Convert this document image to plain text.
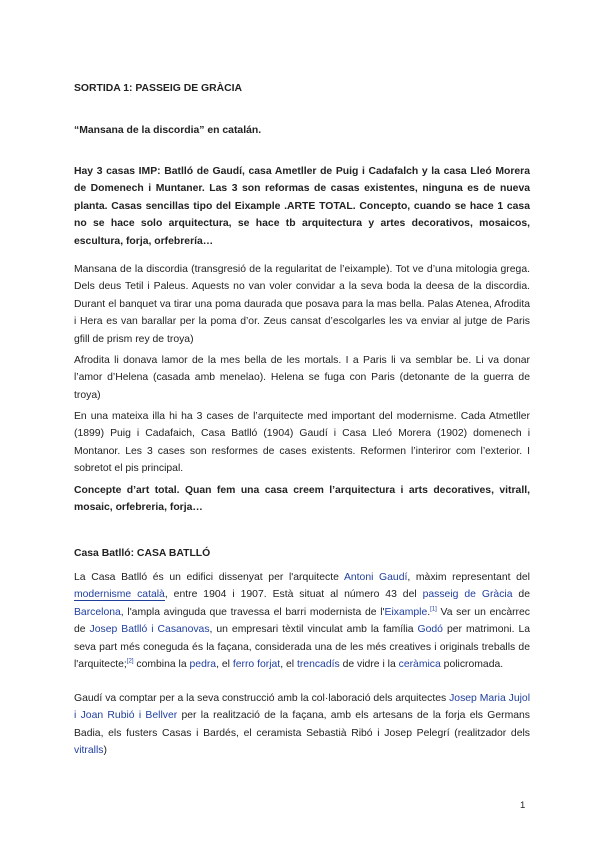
SORTIDA 1: PASSEIG DE GRÀCIA
“Mansana de la discordia” en catalán.
Hay 3 casas IMP: Batlló de Gaudí, casa Ametller de Puig i Cadafalch y la casa Lleó Morera de Domenech i Muntaner. Las 3 son reformas de casas existentes, ninguna es de nueva planta. Casas sencillas tipo del Eixample .ARTE TOTAL. Concepto, cuando se hace 1 casa no se hace solo arquitectura, se hace tb arquitectura y artes decorativos, mosaicos, escultura, forja, orfebrería…
Mansana de la discordia (transgresió de la regularitat de l’eixample). Tot ve d’una mitologia grega. Dels deus Tetil i Paleus. Aquests no van voler convidar a la seva boda la deesa de la discordia. Durant el banquet va tirar una poma daurada que posava para la mas bella. Palas Atenea, Afrodita i Hera es van barallar per la poma d’or. Zeus cansat d’escolgarles les va enviar al jutge de Paris gfill de prism rey de troya)
Afrodita li donava lamor de la mes bella de les mortals. I a Paris li va semblar be. Li va donar l’amor d’Helena (casada amb menelao). Helena se fuga con Paris (detonante de la guerra de troya)
En una mateixa illa hi ha 3 cases de l’arquitecte med important del modernisme. Cada Atmetller (1899) Puig i Cadafaich, Casa Batlló (1904) Gaudí i Casa Lleó Morera (1902) domenech i Montanor. Les 3 cases son resformes de cases existents. Reformen l’interiror com l’exterior. I sobretot el pis principal.
Concepte d’art total. Quan fem una casa creem l’arquitectura i arts decoratives, vitrall, mosaic, orfebreria, forja…
Casa Batlló: CASA BATLLÓ
La Casa Batlló és un edifici dissenyat per l'arquitecte Antoni Gaudí, màxim representant del modernisme català, entre 1904 i 1907. Està situat al número 43 del passeig de Gràcia de Barcelona, l'ampla avinguda que travessa el barri modernista de l'Eixample.[1] Va ser un encàrrec de Josep Batlló i Casanovas, un empresari tèxtil vinculat amb la família Godó per matrimoni. La seva part més coneguda és la façana, considerada una de les més creatives i originals treballs de l'arquitecte;[2] combina la pedra, el ferro forjat, el trencadís de vidre i la ceràmica policromada.
Gaudí va comptar per a la seva construcció amb la col·laboració dels arquitectes Josep Maria Jujol i Joan Rubió i Bellver per la realització de la façana, amb els artesans de la forja els Germans Badia, els fusters Casas i Bardés, el ceramista Sebastià Ribó i Josep Pelegrí (realitzador dels vitralls)
1
